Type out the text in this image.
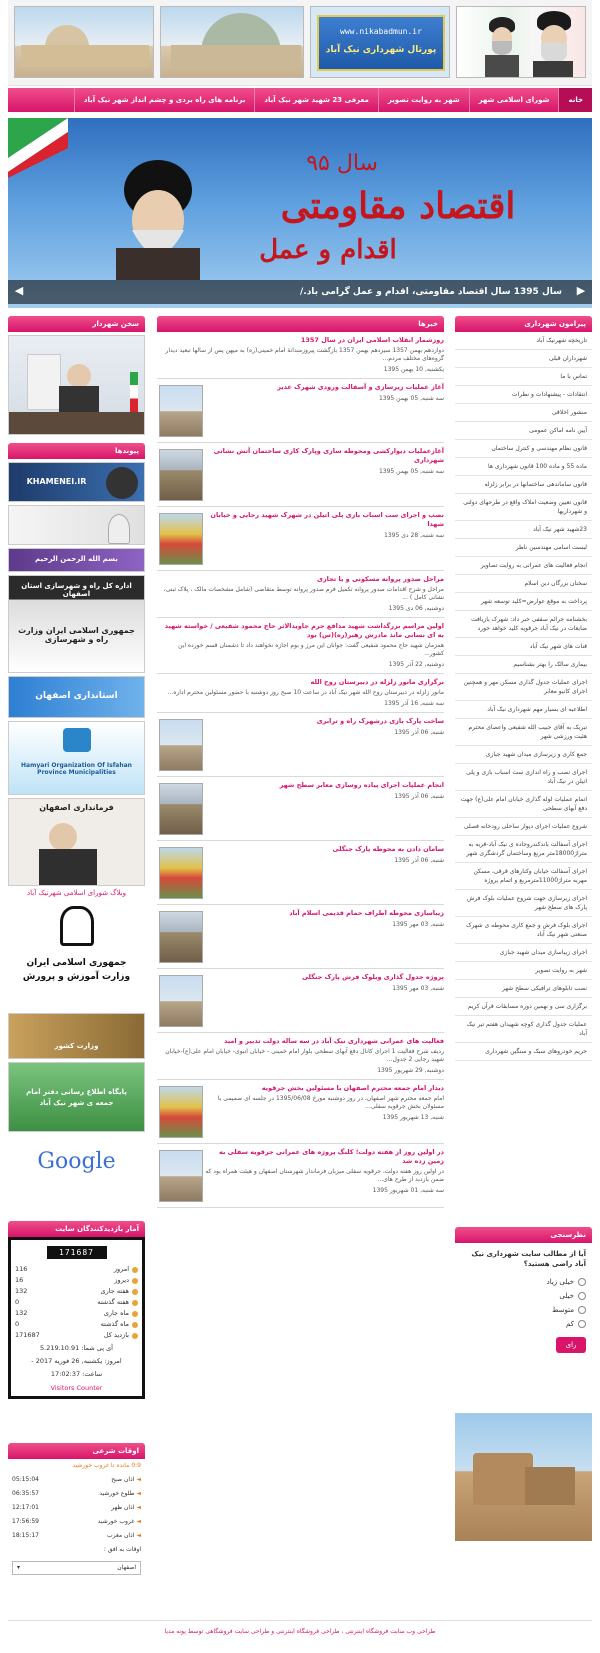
www.nikabadmun.ir
پورتال شهرداری نیک آباد
خانه
شورای اسلامی شهر
شهر به روایت تصویر
معرفی 23 شهید شهر نیک آباد
برنامه های راه بردی و چشم انداز شهر نیک آباد
سال ۹۵
اقتصاد مقاومتی
اقدام و عمل
سال 1395 سال اقتصاد مقاومتی، اقدام و عمل گرامی باد./	▶
◀
پیرامون شهرداری
تاریخچه شهرنیک آباد
شهرداران قبلی
تماس با ما
انتقادات - پیشنهادات و نظرات
منشور اخلاقی
آیین نامه اماکن عمومی
قانون نظام مهندسی و کنترل ساختمان
ماده 55 و ماده 100 قانون شهرداری ها
قانون ساماندهی ساختمانها در برابر زلزله
قانون تعیین وضعیت املاک واقع در طرحهای دولتی و شهرداریها
23شهید شهر نیک آباد
لیست اسامی مهندسین ناظر
انجام فعالیت های عمرانی به روایت تصاویر
سخنان بزرگان دین اسلام
پرداخت به موقع عوارض=کلید توسعه شهر
بخشنامه جرائم سقفی خبر داد: شهرک بازیافت ضایعات در نیک آباد جرقویه کلید خواهد خورد
قنات های شهر نیک آباد
بیماری سالک را بهتر بشناسیم
اجرای عملیات جدول گذاری مسکن مهر و همچنین اجرای کانیو معابر
اطلاعیه ای بسیار مهم شهرداری نیک آباد
تبریک به آقای حبیب الله شفیعی واعضای محترم هئیت ورزشی شهر
جمع کاری و زیرسازی میدان شهید جبازی
اجرای نصب و راه اندازی ست اسباب بازی و پلی اتیلن در نیک آباد
اتمام عملیات لوله گذاری خیابان امام علی(ع) جهت دفع آبهای سطحی
شروع عملیات اجرای دیوار ساحلی رودخانه فصلی
اجرای آسفالت باندکندروجاده ی نیک آباد-قریه به متراژ18000متر مربع وساختمان گردشگری شهر
اجرای آسفالت خیابان وکنارهای قرقی، مسکن مهربه متراژ11000مترمربع و اتمام پروژه
اجرای زیرسازی جهت شروع عملیات بلوک فرش پارک های سطح شهر
اجرای بلوک فرش و جمع کاری محوطه ی شهرک صنعتی شهر نیک آباد
اجرای زیباسازی میدان شهید جبازی
شهر به روایت تصویر
نصب تابلوهای ترافیکی سطح شهر
برگزاری سی و نهمین دوره مسابقات قرآن کریم
عملیات جدول گذاری کوچه شهیدان هفتم تیر نیک آباد
حریم خودروهای سبک و سنگین شهرداری
نظرسنجی
آیا از مطالب سایت شهرداری نیک آباد راضی هستید؟
خیلی زیاد
خیلی
متوسط
کم
رای
خبرها
روزشمار انقلاب اسلامی ایران در سال 1357
دوازدهم بهمن 1357 سیزدهم بهمن 1357 بازگشت پیروزمندانهٔ امام خمینی(ره) به میهن پس از سالها تبعید دیدار گروه‌های مختلف مردم...
یکشنبه, 10 بهمن 1395
آغاز عملیات زیرسازی و آسفالت ورودی شهرک غدیر
سه شنبه, 05 بهمن 1395
آغازعملیات دیوارکشی ومحوطه سازی وپارک کاری ساختمان آتش نشانی شهرداری
سه شنبه, 05 بهمن 1395
نصب و اجرای ست اسباب بازی پلی اتیلن در شهرک شهید رجایی و خیابان شهدا
سه شنبه, 28 دی 1395
مراحل صدور پروانه مسکونی و یا تجاری
مراحل و شرح اقدامات صدور پروانه تکمیل فرم صدور پروانه توسط متقاضی (شامل مشخصات مالک ، پلاک ثبتی، نشانی کامل ) ...
دوشنبه, 06 دی 1395
اولین مراسم بزرگداشت شهید مدافع حرم جاویدالاثر حاج محمود شفیعی / خواسته شهید به ای نسانی ماند مادرش رهبر(ره)(س) بود
همزمان شهید حاج محمود شفیعی گفت: جوانان این مرز و بوم اجازه نخواهند داد تا دشمنان قسم خورده این کشور...
دوشنبه, 22 آذر 1395
برگزاری مانور زلزله در دبیرستان روح الله
مانور زلزله در دبیرستان روح الله شهر نیک آباد در ساعت 10 صبح روز دوشنبه با حضور مسئولین محترم اداره...
سه شنبه, 16 آذر 1395
ساخت پارک بازی درشهرک راه و ترابری
شنبه, 06 آذر 1395
انجام عملیات اجرای پیاده روسازی معابر سطح شهر
شنبه, 06 آذر 1395
سامان دادن به محوطه پارک جنگلی
شنبه, 06 آذر 1395
زیباسازی محوطه اطراف حمام قدیمی اسلام آباد
شنبه, 03 مهر 1395
پروژه جدول گذاری وبلوک فرش پارک جنگلی
شنبه, 03 مهر 1395
فعالیت های عمرانی شهرداری نیک آباد در سه ساله دولت تدبیر و امید
ردیف شرح فعالیت 1 اجرای کانال دفع آبهای سطحی بلوار امام خمینی - خیابان انبوی- خیابان امام علی(ع)-خیابان شهید رجایی 2 جدول...
دوشنبه, 29 شهریور 1395
دیدار امام جمعه محترم اصفهان با مسئولین بخش جرقویه
امام جمعه محترم شهر اصفهان، در روز دوشنبه مورخ 1395/06/08 در جلسه ای صمیمی با مسئولان بخش جرقویه سفلی...
شنبه, 13 شهریور 1395
در اولین روز از هفته دولت؛ کلنگ پروژه های عمرانی جرقویه سفلی به زمین زده شد
در اولین روز هفته دولت، جرقویه سفلی میزبان فرماندار شهرستان اصفهان و هیئت همراه بود که ضمن بازدید از طرح های...
سه شنبه, 01 شهریور 1395
سخن شهردار
پیوندها
KHAMENEI.IR
بسم الله الرحمن الرحیم
اداره کل راه و شهرسازی استان اصفهان
جمهوری اسلامی ایران وزارت راه و شهرسازی
استانداری اصفهان
Hamyari Organization Of Isfahan Province Municipalities
فرمانداری اصفهان
وبلاگ شورای اسلامی شهرنیک آباد
جمهوری اسلامی ایران وزارت آموزش و پرورش
وزارت کشور
پایگاه اطلاع رسانی دفتر امام جمعه ی شهر نیک آباد
Google
آمار بازدیدکنندگان سایت
171687
امروز
116
دیروز
16
هفته جاری
132
هفته گذشته
0
ماه جاری
132
ماه گذشته
0
بازدید کل
171687
آی پی شما: 5.219.10.91
امروز: یکشنبه, 26 فوریه 2017 -
ساعت: 17:02:37
Visitors Counter
اوقات شرعی
0:9
مانده تا غروب خورشید
◄
اذان صبح
05:15:04
◄
طلوع خورشید
06:35:57
◄
اذان ظهر
12:17:01
◄
غروب خورشید
17:56:59
◄
اذان مغرب
18:15:17
اوقات به افق :
اصفهان
▾
طراحی وب سایت فروشگاه اینترنتی ، طراحی فروشگاه اینترنتی و طراحی سایت فروشگاهی توسط پونه مدیا
